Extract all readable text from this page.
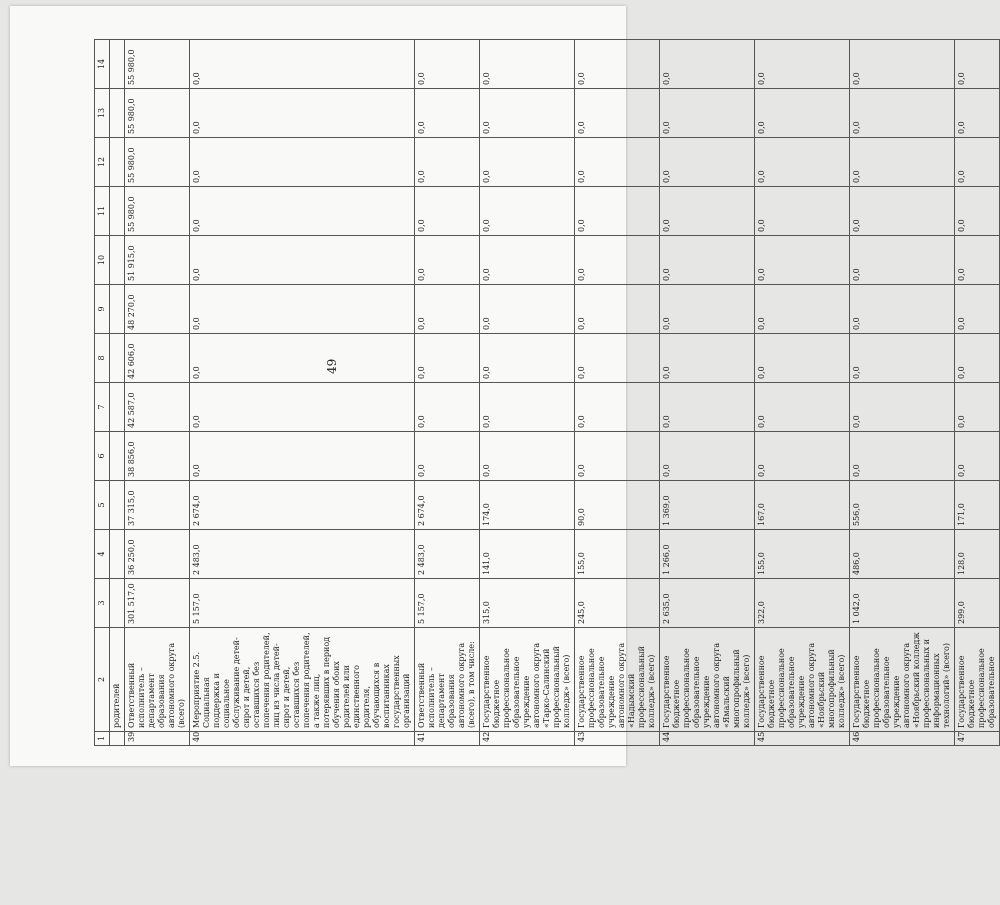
49
1	2	3	4	5	6	7	8	9	10	11	12	13	14
	родителей												
39	Ответственный исполнитель – департамент образования автономного округа (всего)	301 517,0	36 250,0	37 315,0	38 856,0	42 587,0	42 606,0	48 270,0	51 915,0	55 980,0	55 980,0	55 980,0	55 980,0
40	Мероприятие 2.5. Социальная поддержка и социальное обслуживание детей-сирот и детей, оставшихся без попечения родителей, лиц из числа детей-сирот и детей, оставшихся без попечения родителей, а также лиц, потерявших в период обучения обоих родителей или единственного родителя, обучающихся в воспитанниках государственных организаций	5 157,0	2 483,0	2 674,0	0,0	0,0	0,0	0,0	0,0	0,0	0,0	0,0	0,0
41	Ответственный исполнитель – департамент образования автономного округа (всего), в том числе:	5 157,0	2 483,0	2 674,0	0,0	0,0	0,0	0,0	0,0	0,0	0,0	0,0	0,0
42	Государственное бюджетное профессиональное образовательное учреждение автономного округа «Тарко-Салинский профессиональный колледж» (всего)	315,0	141,0	174,0	0,0	0,0	0,0	0,0	0,0	0,0	0,0	0,0	0,0
43	Государственное профессиональное образовательное учреждение автономного округа «Надымский профессиональный колледж» (всего)	245,0	155,0	90,0	0,0	0,0	0,0	0,0	0,0	0,0	0,0	0,0	0,0
44	Государственное бюджетное профессиональное образовательное учреждение автономного округа «Ямальский многопрофильный колледж» (всего)	2 635,0	1 266,0	1 369,0	0,0	0,0	0,0	0,0	0,0	0,0	0,0	0,0	0,0
45	Государственное бюджетное профессиональное образовательное учреждение автономного округа «Ноябрьский многопрофильный колледж» (всего)	322,0	155,0	167,0	0,0	0,0	0,0	0,0	0,0	0,0	0,0	0,0	0,0
46	Государственное бюджетное профессиональное образовательное учреждение автономного округа «Ноябрьский колледж профессиональных и информационных технологий» (всего)	1 042,0	486,0	556,0	0,0	0,0	0,0	0,0	0,0	0,0	0,0	0,0	0,0
47	Государственное бюджетное профессиональное образовательное	299,0	128,0	171,0	0,0	0,0	0,0	0,0	0,0	0,0	0,0	0,0	0,0
